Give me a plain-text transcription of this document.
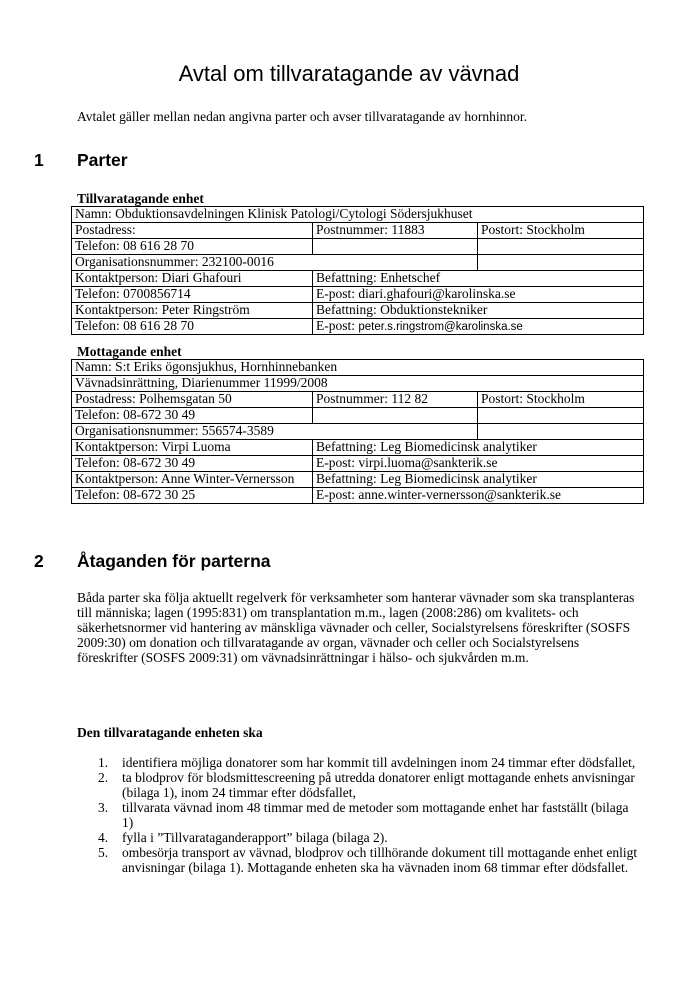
Avtal om tillvaratagande av vävnad
Avtalet gäller mellan nedan angivna parter och avser tillvaratagande av hornhinnor.
1 Parter
Tillvaratagande enhet
Namn: Obduktionsavdelningen Klinisk Patologi/Cytologi Södersjukhuset		
Postadress:	Postnummer: 11883	Postort: Stockholm
Telefon: 08 616 28 70		
Organisationsnummer: 232100-0016		
Kontaktperson: Diari Ghafouri	Befattning: Enhetschef	
Telefon: 0700856714	E-post: diari.ghafouri@karolinska.se	
Kontaktperson: Peter Ringström	Befattning: Obduktionstekniker	
Telefon: 08 616 28 70	E-post: peter.s.ringstrom@karolinska.se	
Mottagande enhet
Namn: S:t Eriks ögonsjukhus, Hornhinnebanken		
Vävnadsinrättning, Diarienummer 11999/2008		
Postadress: Polhemsgatan 50	Postnummer: 112 82	Postort: Stockholm
Telefon: 08-672 30 49		
Organisationsnummer: 556574-3589		
Kontaktperson: Virpi Luoma	Befattning: Leg Biomedicinsk analytiker	
Telefon: 08-672 30 49	E-post: virpi.luoma@sankterik.se	
Kontaktperson: Anne Winter-Vernersson	Befattning: Leg Biomedicinsk analytiker	
Telefon: 08-672 30 25	E-post: anne.winter-vernersson@sankterik.se	
2 Åtaganden för parterna
Båda parter ska följa aktuellt regelverk för verksamheter som hanterar vävnader som ska transplanteras till människa; lagen (1995:831) om transplantation m.m., lagen (2008:286) om kvalitets- och säkerhetsnormer vid hantering av mänskliga vävnader och celler, Socialstyrelsens föreskrifter (SOSFS 2009:30) om donation och tillvaratagande av organ, vävnader och celler och Socialstyrelsens föreskrifter (SOSFS 2009:31) om vävnadsinrättningar i hälso- och sjukvården m.m.
Den tillvaratagande enheten ska
1. identifiera möjliga donatorer som har kommit till avdelningen inom 24 timmar efter dödsfallet,
2. ta blodprov för blodsmittescreening på utredda donatorer enligt mottagande enhets anvisningar (bilaga 1), inom 24 timmar efter dödsfallet,
3. tillvarata vävnad inom 48 timmar med de metoder som mottagande enhet har fastställt (bilaga 1)
4. fylla i ”Tillvarataganderapport” bilaga (bilaga 2).
5. ombesörja transport av vävnad, blodprov och tillhörande dokument till mottagande enhet enligt anvisningar (bilaga 1). Mottagande enheten ska ha vävnaden inom 68 timmar efter dödsfallet.
